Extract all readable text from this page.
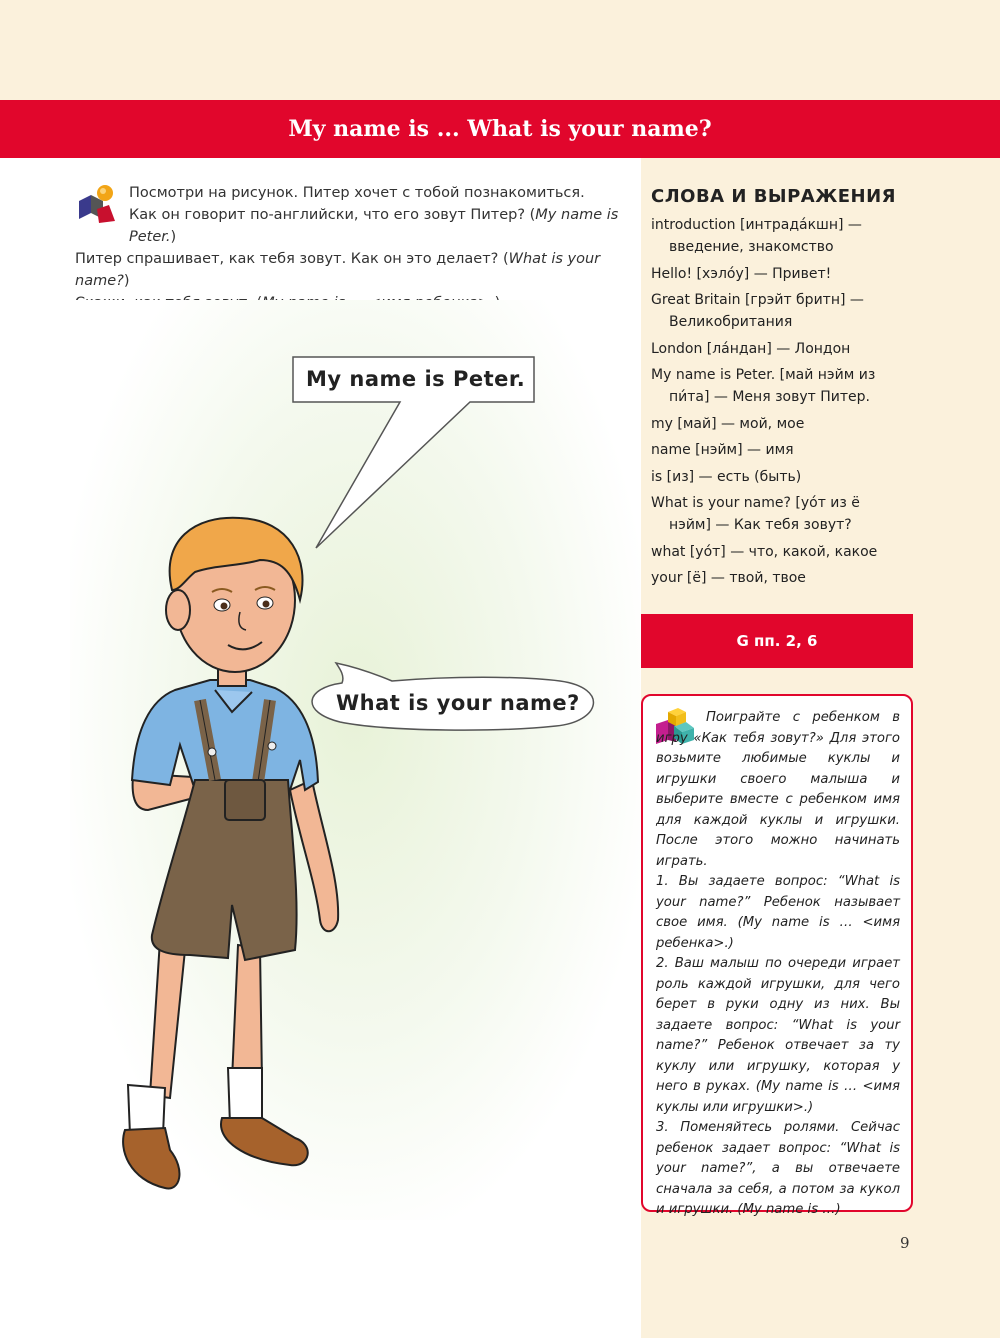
My name is ... What is your name?

Посмотри на рисунок. Питер хочет с тобой познакомиться.

Как он говорит по-английски, что его зовут Питер? (My name is Peter.)

Питер спрашивает, как тебя зовут. Как он это делает? (What is your name?)

My name is Peter.
What is your name?
СЛОВА И ВЫРАЖЕНИЯ
introduction [интрадáкшн] —
введение, знакомство
Hello! [хэлóу] — Привет!
Great Britain [грэйт бритн] —
Великобритания
London [лáндан] — Лондон
My name is Peter. [май нэйм из
пи́та] — Меня зовут Питер.
my [май] — мой, мое
name [нэйм] — имя
is [из] — есть (быть)
What is your name? [уóт из ё
нэйм] — Как тебя зовут?
what [уóт] — что, какой, какое
your [ё] — твой, твое
G пп. 2, 6

Поиграйте с ребенком в игру «Как тебя зовут?» Для этого возьмите любимые куклы и игрушки своего малыша и выберите вместе с ребенком имя для каждой куклы и игрушки. После этого можно начинать играть.

1. Вы задаете вопрос: “What is your name?” Ребенок называет свое имя. (My name is … <имя ребенка>.)

2. Ваш малыш по очереди играет роль каждой игрушки, для чего берет в руки одну из них. Вы задаете вопрос: “What is your name?” Ребенок отвечает за ту куклу или игрушку, которая у него в руках. (My name is … <имя куклы или игрушки>.)

3. Поменяйтесь ролями. Сейчас ребенок задает вопрос: “What is your name?”, а вы отвечаете сначала за себя, а потом за кукол и игрушки. (My name is …)

9
